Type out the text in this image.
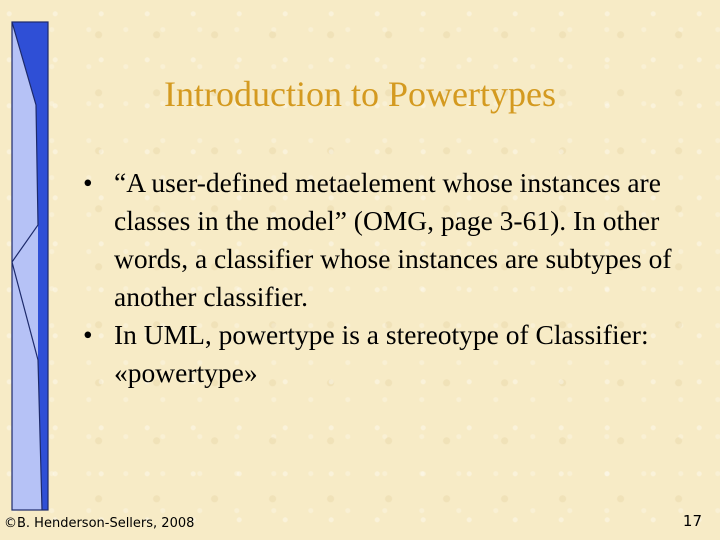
Introduction to Powertypes
• “A user-defined metaelement whose instances are classes in the model” (OMG, page 3-61). In other words, a classifier whose instances are subtypes of another classifier.
• In UML, powertype is a stereotype of Classifier: «powertype»
©B. Henderson-Sellers, 2008	17
